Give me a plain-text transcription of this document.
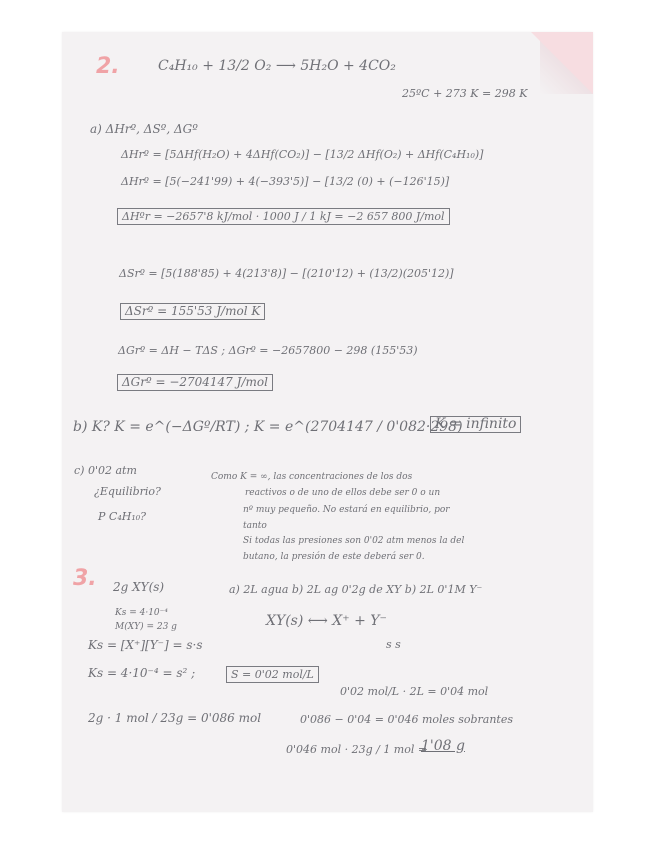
2.	C₄H₁₀ + 13/2 O₂ ⟶ 5H₂O + 4CO₂
25ºC + 273 K = 298 K
a) ΔHrº, ΔSº, ΔGº
ΔHrº = [5ΔHf(H₂O) + 4ΔHf(CO₂)] − [13/2 ΔHf(O₂) + ΔHf(C₄H₁₀)]
ΔHrº = [5(−241'99) + 4(−393'5)] − [13/2 (0) + (−126'15)]
ΔHºr = −2657'8 kJ/mol · 1000 J / 1 kJ = −2 657 800 J/mol
ΔSrº = [5(188'85) + 4(213'8)] − [(210'12) + (13/2)(205'12)]
ΔSrº = 155'53 J/mol K
ΔGrº = ΔH − TΔS ; ΔGrº = −2657800 − 298 (155'53)
ΔGrº = −2704147 J/mol
b) K? K = e^(−ΔGº/RT) ; K = e^(2704147 / 0'082·298)
K = infinito
c) 0'02 atm
¿Equilibrio?
P C₄H₁₀?
Como K = ∞, las concentraciones de los dos
reactivos o de uno de ellos debe ser 0 o un
nº muy pequeño. No estará en equilibrio, por
tanto
Si todas las presiones son 0'02 atm menos la del
butano, la presión de este deberá ser 0.
3. 2g XY(s)	a) 2L agua b) 2L ag 0'2g de XY b) 2L 0'1M Y⁻
Ks = 4·10⁻⁴
M(XY) = 23 g	XY(s) ⟷ X⁺ + Y⁻
s s
Ks = [X⁺][Y⁻] = s·s
Ks = 4·10⁻⁴ = s² ;	S = 0'02 mol/L
0'02 mol/L · 2L = 0'04 mol
2g · 1 mol / 23g = 0'086 mol	0'086 − 0'04 = 0'046 moles sobrantes
0'046 mol · 23g / 1 mol =
1'08 g
